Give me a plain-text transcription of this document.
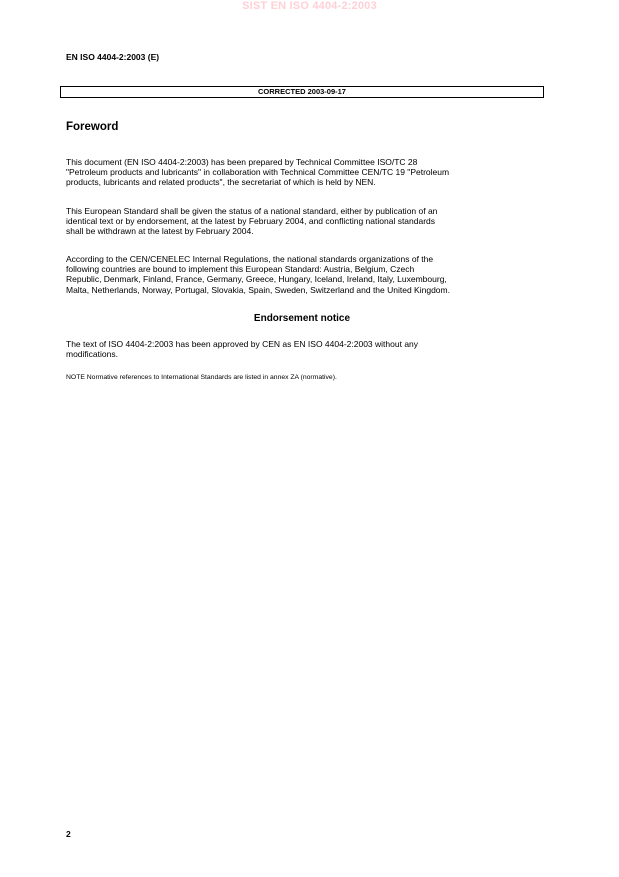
SIST EN ISO 4404-2:2003
EN ISO 4404-2:2003 (E)
CORRECTED 2003-09-17
Foreword
This document (EN ISO 4404-2:2003) has been prepared by Technical Committee ISO/TC 28
"Petroleum products and lubricants" in collaboration with Technical Committee CEN/TC 19 "Petroleum
products, lubricants and related products", the secretariat of which is held by NEN.
This European Standard shall be given the status of a national standard, either by publication of an
identical text or by endorsement, at the latest by February 2004, and conflicting national standards
shall be withdrawn at the latest by February 2004.
According to the CEN/CENELEC Internal Regulations, the national standards organizations of the
following countries are bound to implement this European Standard: Austria, Belgium, Czech
Republic, Denmark, Finland, France, Germany, Greece, Hungary, Iceland, Ireland, Italy, Luxembourg,
Malta, Netherlands, Norway, Portugal, Slovakia, Spain, Sweden, Switzerland and the United Kingdom.
Endorsement notice
The text of ISO 4404-2:2003 has been approved by CEN as EN ISO 4404-2:2003 without any
modifications.
NOTE Normative references to International Standards are listed in annex ZA (normative).
2
